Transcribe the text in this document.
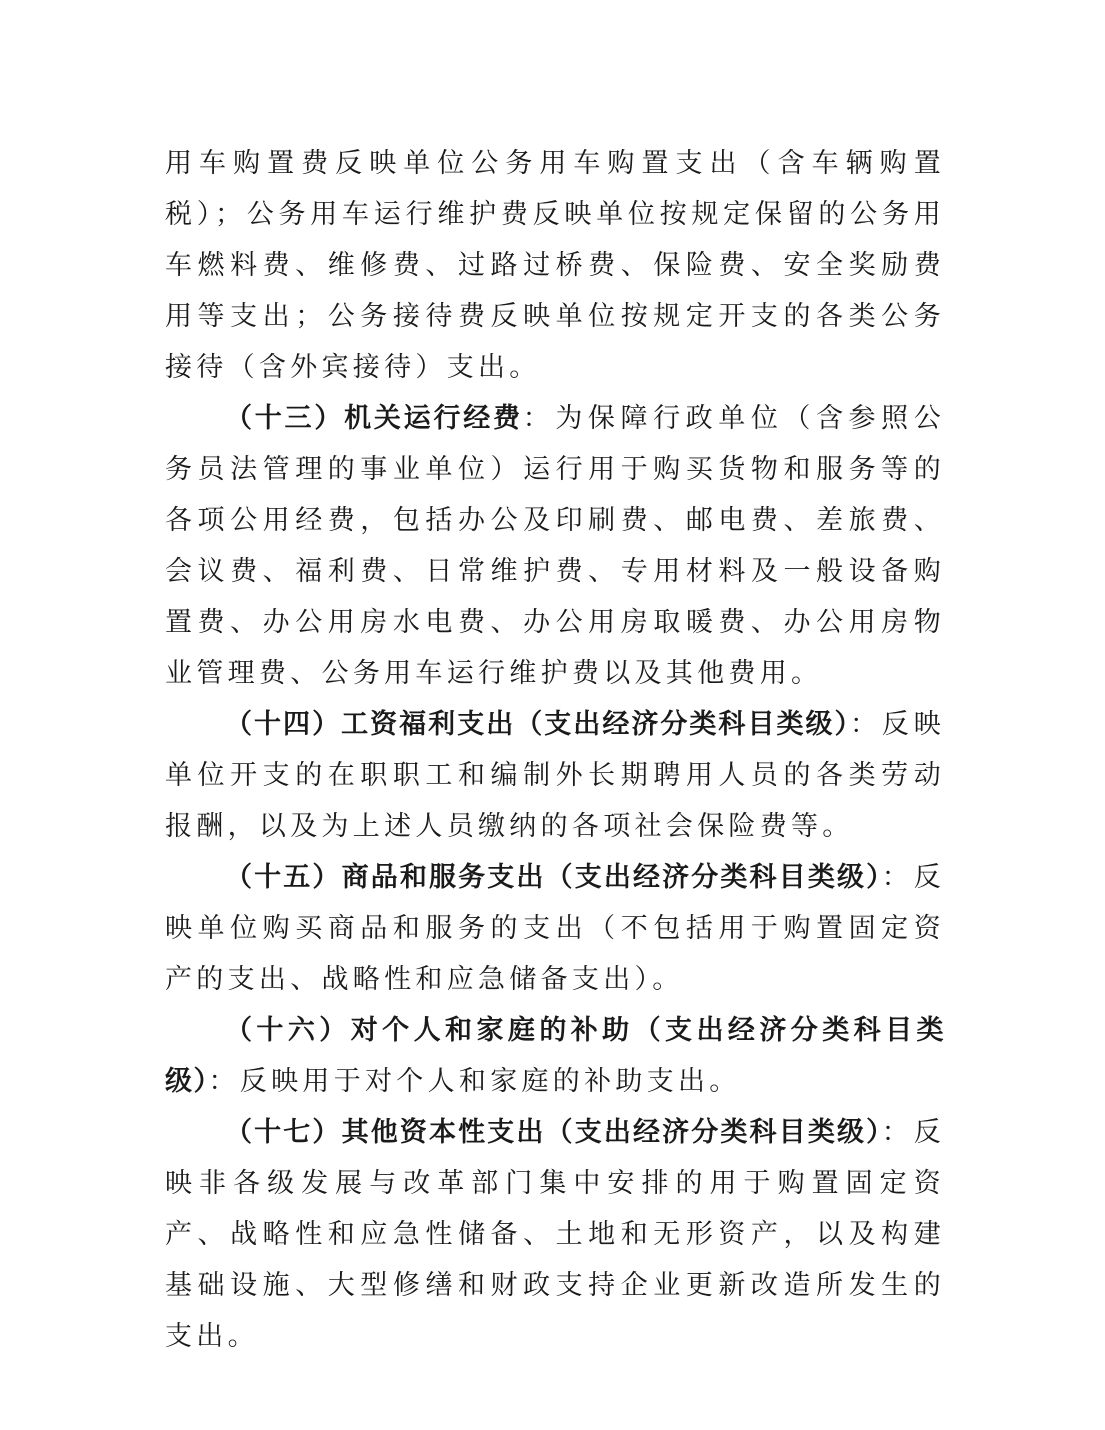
用车购置费反映单位公务用车购置支出（含车辆购置税）；公务用车运行维护费反映单位按规定保留的公务用车燃料费、维修费、过路过桥费、保险费、安全奖励费用等支出；公务接待费反映单位按规定开支的各类公务接待（含外宾接待）支出。

（十三）机关运行经费：为保障行政单位（含参照公务员法管理的事业单位）运行用于购买货物和服务等的各项公用经费，包括办公及印刷费、邮电费、差旅费、会议费、福利费、日常维护费、专用材料及一般设备购置费、办公用房水电费、办公用房取暖费、办公用房物业管理费、公务用车运行维护费以及其他费用。

（十四）工资福利支出（支出经济分类科目类级）：反映单位开支的在职职工和编制外长期聘用人员的各类劳动报酬，以及为上述人员缴纳的各项社会保险费等。

（十五）商品和服务支出（支出经济分类科目类级）：反映单位购买商品和服务的支出（不包括用于购置固定资产的支出、战略性和应急储备支出）。

（十六）对个人和家庭的补助（支出经济分类科目类级）：反映用于对个人和家庭的补助支出。

（十七）其他资本性支出（支出经济分类科目类级）：反映非各级发展与改革部门集中安排的用于购置固定资产、战略性和应急性储备、土地和无形资产，以及构建基础设施、大型修缮和财政支持企业更新改造所发生的支出。
